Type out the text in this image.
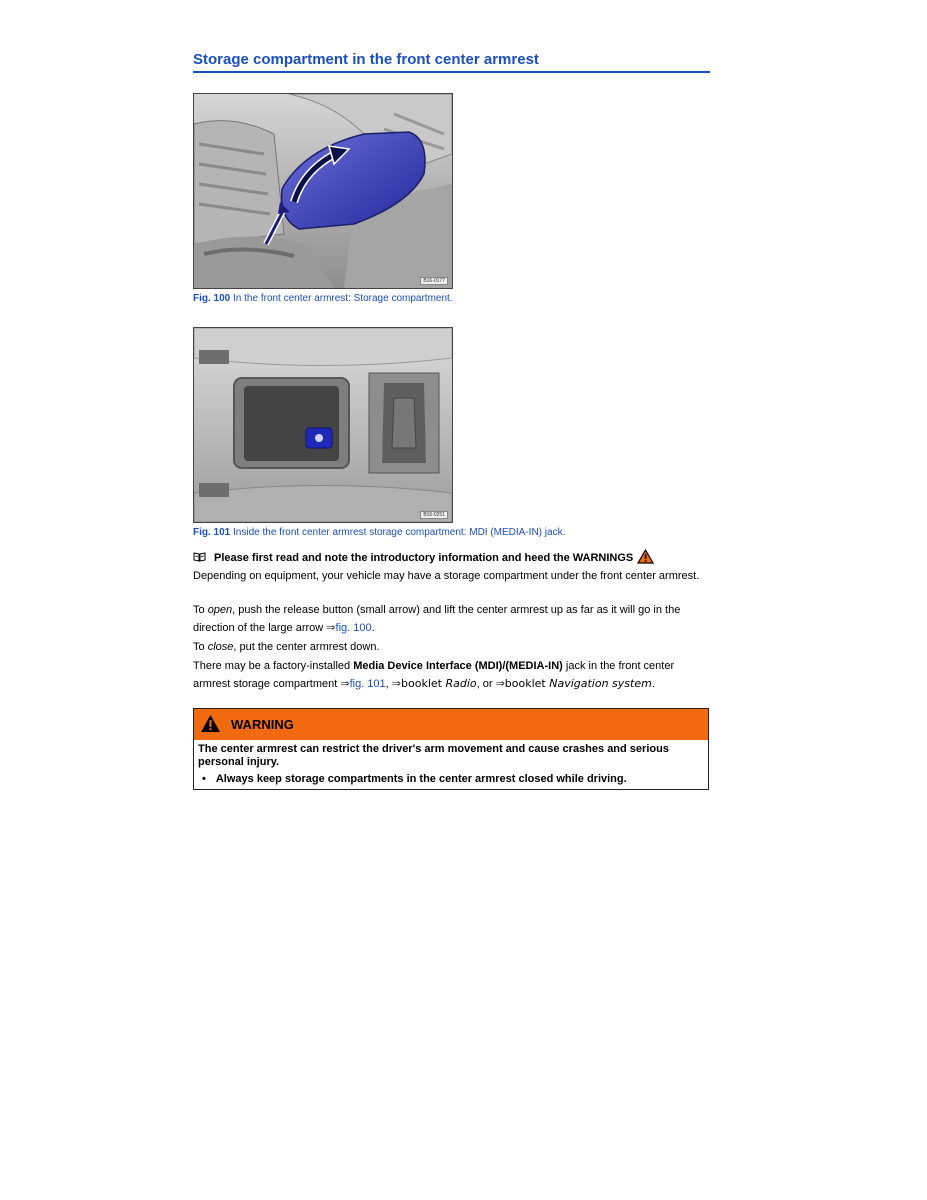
Storage compartment in the front center armrest
B16-0177
Fig. 100 In the front center armrest: Storage compartment.
B16-0251
Fig. 101 Inside the front center armrest storage compartment: MDI (MEDIA-IN) jack.
Please first read and note the introductory information and heed the WARNINGS
Depending on equipment, your vehicle may have a storage compartment under the front center armrest.
To open, push the release button (small arrow) and lift the center armrest up as far as it will go in the direction of the large arrow ⇒fig. 100.
To close, put the center armrest down.
There may be a factory-installed Media Device Interface (MDI)/(MEDIA-IN) jack in the front center armrest storage compartment ⇒fig. 101, ⇒booklet Radio, or ⇒booklet Navigation system.
WARNING
The center armrest can restrict the driver's arm movement and cause crashes and serious personal injury.
• Always keep storage compartments in the center armrest closed while driving.
